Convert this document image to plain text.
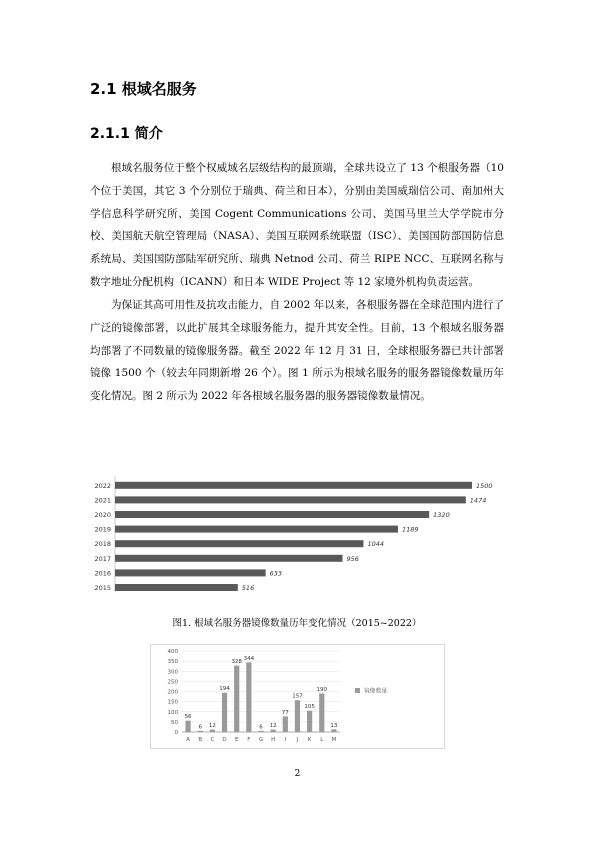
2.1 根域名服务
2.1.1 简介

根域名服务位于整个权威域名层级结构的最顶端，全球共设立了 13 个根服务器（10 个位于美国，其它 3 个分别位于瑞典、荷兰和日本），分别由美国威瑞信公司、南加州大学信息科学研究所、美国 Cogent Communications 公司、美国马里兰大学学院市分校、美国航天航空管理局（NASA）、美国互联网系统联盟（ISC）、美国国防部国防信息系统局、美国国防部陆军研究所、瑞典 Netnod 公司、荷兰 RIPE NCC、互联网名称与数字地址分配机构（ICANN）和日本 WIDE Project 等 12 家境外机构负责运营。

为保证其高可用性及抗攻击能力，自 2002 年以来，各根服务器在全球范围内进行了广泛的镜像部署，以此扩展其全球服务能力，提升其安全性。目前，13 个根域名服务器均部署了不同数量的镜像服务器。截至 2022 年 12 月 31 日，全球根服务器已共计部署镜像 1500 个（较去年同期新增 26 个）。图 1 所示为根域名服务的服务器镜像数量历年变化情况。图 2 所示为 2022 年各根域名服务器的服务器镜像数量情况。

2022	1500
2021	1474
2020	1320
2019	1189
2018	1044
2017	956
2016	633
2015	516

图1. 根域名服务器镜像数量历年变化情况（2015~2022）

0
50
100
150
200
250
300
350
400
56
A
6
B
12
C
194
D
328
E
344
F
6
G
12
H
77
I
157
J
105
K
190
L
13
M
镜像数量

2
